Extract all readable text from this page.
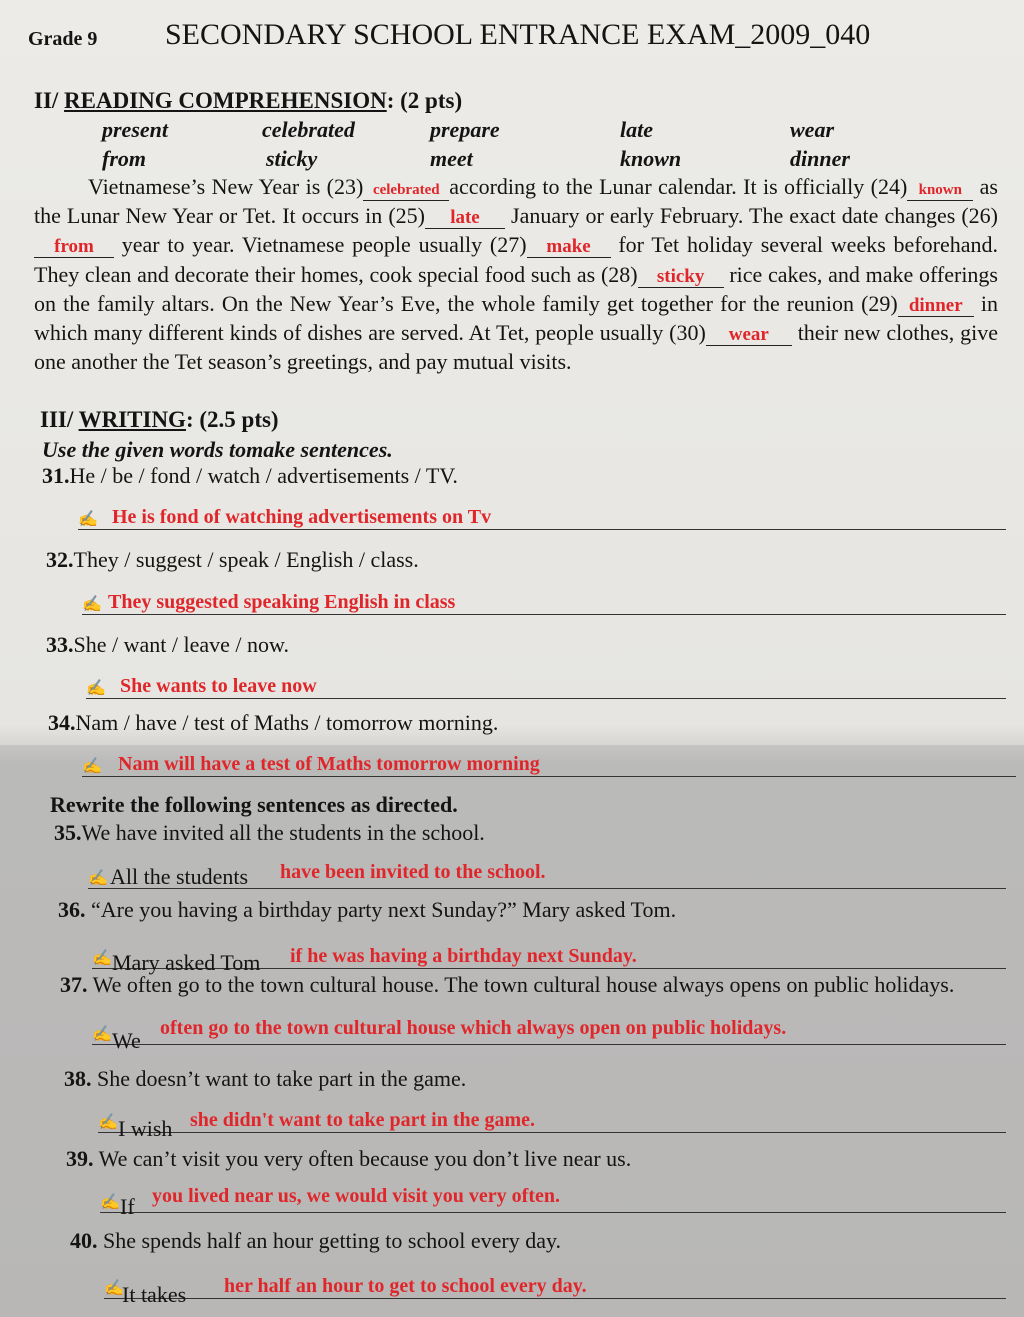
Grade 9 SECONDARY SCHOOL ENTRANCE EXAM_2009_040
II/ READING COMPREHENSION: (2 pts)
present	celebrated	prepare	late	wear
from	sticky	meet	known	dinner
Vietnamese’s New Year is (23) celebrated according to the Lunar calendar. It is officially (24) known as the Lunar New Year or Tet. It occurs in (25) late January or early February. The exact date changes (26)from year to year. Vietnamese people usually (27) make for Tet holiday several weeks beforehand. They clean and decorate their homes, cook special food such as (28) sticky rice cakes, and make offerings on the family altars. On the New Year’s Eve, the whole family get together for the reunion (29) dinner in which many different kinds of dishes are served. At Tet, people usually (30) wear their new clothes, give one another the Tet season’s greetings, and pay mutual visits.
III/ WRITING: (2.5 pts)
Use the given words tomake sentences.
31.He / be / fond / watch / advertisements / TV.
✍ He is fond of watching advertisements on Tv
32.They / suggest / speak / English / class.
✍ They suggested speaking English in class
33.She / want / leave / now.
✍ She wants to leave now
34.Nam / have / test of Maths / tomorrow morning.
✍ Nam will have a test of Maths tomorrow morning
Rewrite the following sentences as directed.
35.We have invited all the students in the school.
✍ All the students have been invited to the school.
36. “Are you having a birthday party next Sunday?” Mary asked Tom.
✍ Mary asked Tom if he was having a birthday next Sunday.
37. We often go to the town cultural house. The town cultural house always opens on public holidays.
✍ We often go to the town cultural house which always open on public holidays.
38. She doesn’t want to take part in the game.
✍ I wish she didn't want to take part in the game.
39. We can’t visit you very often because you don’t live near us.
✍ If you lived near us, we would visit you very often.
40. She spends half an hour getting to school every day.
✍
It takes her half an hour to get to school every day.
